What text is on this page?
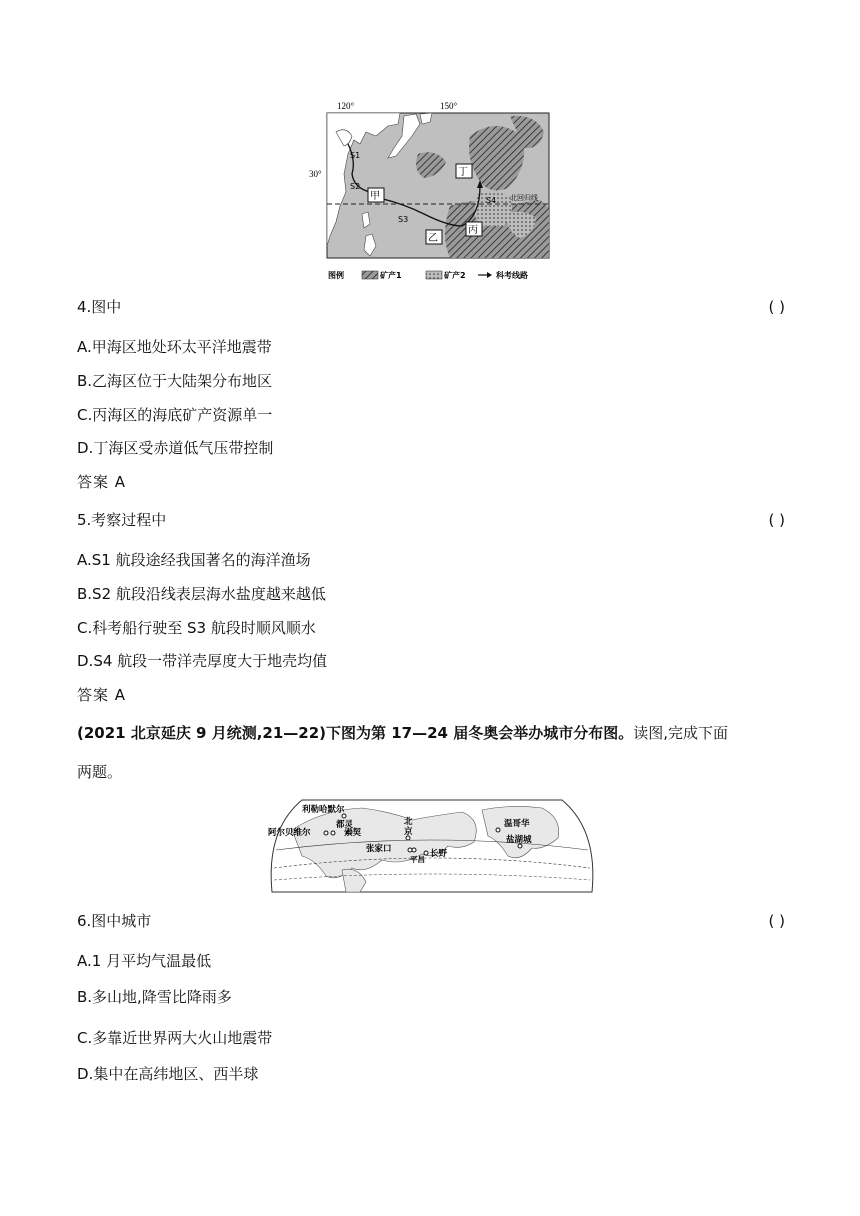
120°	150°
30°
北回归线
S1
S2
S3
S4
甲
乙
丙
丁
图例	矿产1	矿产2	科考线路
4.图中	( )
A.甲海区地处环太平洋地震带
B.乙海区位于大陆架分布地区
C.丙海区的海底矿产资源单一
D.丁海区受赤道低气压带控制
答案 A
5.考察过程中	( )
A.S1 航段途经我国著名的海洋渔场
B.S2 航段沿线表层海水盐度越来越低
C.科考船行驶至 S3 航段时顺风顺水
D.S4 航段一带洋壳厚度大于地壳均值
答案 A
(2021 北京延庆 9 月统测,21—22)下图为第 17—24 届冬奥会举办城市分布图。读图,完成下面
两题。
利勒哈默尔
都灵
阿尔贝维尔	索契
北京
张家口
平昌
长野
温哥华
盐湖城
6.图中城市	( )
A.1 月平均气温最低
B.多山地,降雪比降雨多
C.多靠近世界两大火山地震带
D.集中在高纬地区、西半球
